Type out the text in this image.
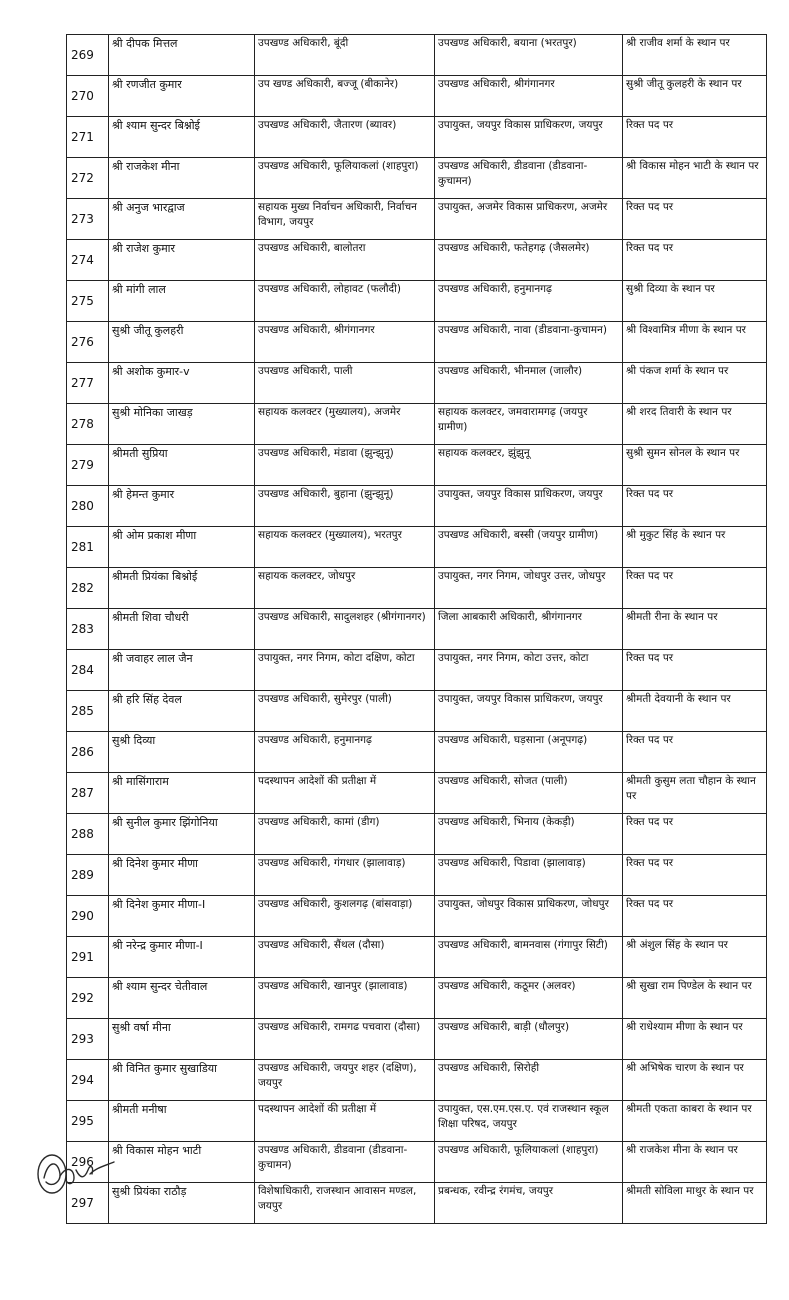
269	श्री दीपक मित्तल	उपखण्ड अधिकारी, बूंदी	उपखण्ड अधिकारी, बयाना (भरतपुर)	श्री राजीव शर्मा के स्थान पर
270	श्री रणजीत कुमार	उप खण्ड अधिकारी, बज्जू (बीकानेर)	उपखण्ड अधिकारी, श्रीगंगानगर	सुश्री जीतू कुलहरी के स्थान पर
271	श्री श्याम सुन्दर बिश्नोई	उपखण्ड अधिकारी, जैतारण (ब्यावर)	उपायुक्त, जयपुर विकास प्राधिकरण, जयपुर	रिक्त पद पर
272	श्री राजकेश मीना	उपखण्ड अधिकारी, फूलियाकलां (शाहपुरा)	उपखण्ड अधिकारी, डीडवाना (डीडवाना-कुचामन)	श्री विकास मोहन भाटी के स्थान पर
273	श्री अनुज भारद्वाज	सहायक मुख्य निर्वाचन अधिकारी, निर्वाचन विभाग, जयपुर	उपायुक्त, अजमेर विकास प्राधिकरण, अजमेर	रिक्त पद पर
274	श्री राजेश कुमार	उपखण्ड अधिकारी, बालोतरा	उपखण्ड अधिकारी, फतेहगढ़ (जैसलमेर)	रिक्त पद पर
275	श्री मांगी लाल	उपखण्ड अधिकारी, लोहावट (फलौदी)	उपखण्ड अधिकारी, हनुमानगढ़	सुश्री दिव्या के स्थान पर
276	सुश्री जीतू कुलहरी	उपखण्ड अधिकारी, श्रीगंगानगर	उपखण्ड अधिकारी, नावा (डीडवाना-कुचामन)	श्री विश्वामित्र मीणा के स्थान पर
277	श्री अशोक कुमार-v	उपखण्ड अधिकारी, पाली	उपखण्ड अधिकारी, भीनमाल (जालौर)	श्री पंकज शर्मा के स्थान पर
278	सुश्री मोनिका जाखड़	सहायक कलक्टर (मुख्यालय), अजमेर	सहायक कलक्टर, जमवारामगढ़ (जयपुर ग्रामीण)	श्री शरद तिवारी के स्थान पर
279	श्रीमती सुप्रिया	उपखण्ड अधिकारी, मंडावा (झुन्झुनू)	सहायक कलक्टर, झुंझुनू	सुश्री सुमन सोनल के स्थान पर
280	श्री हेमन्त कुमार	उपखण्ड अधिकारी, बुहाना (झुन्झुनू)	उपायुक्त, जयपुर विकास प्राधिकरण, जयपुर	रिक्त पद पर
281	श्री ओम प्रकाश मीणा	सहायक कलक्टर (मुख्यालय), भरतपुर	उपखण्ड अधिकारी, बस्सी (जयपुर ग्रामीण)	श्री मुकुट सिंह के स्थान पर
282	श्रीमती प्रियंका बिश्नोई	सहायक कलक्टर, जोधपुर	उपायुक्त, नगर निगम, जोधपुर उत्तर, जोधपुर	रिक्त पद पर
283	श्रीमती शिवा चौधरी	उपखण्ड अधिकारी, सादुलशहर (श्रीगंगानगर)	जिला आबकारी अधिकारी, श्रीगंगानगर	श्रीमती रीना के स्थान पर
284	श्री जवाहर लाल जैन	उपायुक्त, नगर निगम, कोटा दक्षिण, कोटा	उपायुक्त, नगर निगम, कोटा उत्तर, कोटा	रिक्त पद पर
285	श्री हरि सिंह देवल	उपखण्ड अधिकारी, सुमेरपुर (पाली)	उपायुक्त, जयपुर विकास प्राधिकरण, जयपुर	श्रीमती देवयानी के स्थान पर
286	सुश्री दिव्या	उपखण्ड अधिकारी, हनुमानगढ़	उपखण्ड अधिकारी, घड़साना (अनूपगढ़)	रिक्त पद पर
287	श्री मासिंगाराम	पदस्थापन आदेशों की प्रतीक्षा में	उपखण्ड अधिकारी, सोजत (पाली)	श्रीमती कुसुम लता चौहान के स्थान पर
288	श्री सुनील कुमार झिंगोनिया	उपखण्ड अधिकारी, कामां (डीग)	उपखण्ड अधिकारी, भिनाय (केकड़ी)	रिक्त पद पर
289	श्री दिनेश कुमार मीणा	उपखण्ड अधिकारी, गंगधार (झालावाड़)	उपखण्ड अधिकारी, पिडावा (झालावाड़)	रिक्त पद पर
290	श्री दिनेश कुमार मीणा-I	उपखण्ड अधिकारी, कुशलगढ़ (बांसवाड़ा)	उपायुक्त, जोधपुर विकास प्राधिकरण, जोधपुर	रिक्त पद पर
291	श्री नरेन्द्र कुमार मीणा-I	उपखण्ड अधिकारी, सैंथल (दौसा)	उपखण्ड अधिकारी, बामनवास (गंगापुर सिटी)	श्री अंशुल सिंह के स्थान पर
292	श्री श्याम सुन्दर चेतीवाल	उपखण्ड अधिकारी, खानपुर (झालावाड)	उपखण्ड अधिकारी, कठूमर (अलवर)	श्री सुखा राम पिण्डेल के स्थान पर
293	सुश्री वर्षा मीना	उपखण्ड अधिकारी, रामगढ पचवारा (दौसा)	उपखण्ड अधिकारी, बाड़ी (धौलपुर)	श्री राधेश्याम मीणा के स्थान पर
294	श्री विनित कुमार सुखाडिया	उपखण्ड अधिकारी, जयपुर शहर (दक्षिण), जयपुर	उपखण्ड अधिकारी, सिरोही	श्री अभिषेक चारण के स्थान पर
295	श्रीमती मनीषा	पदस्थापन आदेशों की प्रतीक्षा में	उपायुक्त, एस.एम.एस.ए. एवं राजस्थान स्कूल शिक्षा परिषद, जयपुर	श्रीमती एकता काबरा के स्थान पर
296	श्री विकास मोहन भाटी	उपखण्ड अधिकारी, डीडवाना (डीडवाना-कुचामन)	उपखण्ड अधिकारी, फूलियाकलां (शाहपुरा)	श्री राजकेश मीना के स्थान पर
297	सुश्री प्रियंका राठौड़	विशेषाधिकारी, राजस्थान आवासन मण्डल, जयपुर	प्रबन्धक, रवीन्द्र रंगमंच, जयपुर	श्रीमती सोविला माथुर के स्थान पर
